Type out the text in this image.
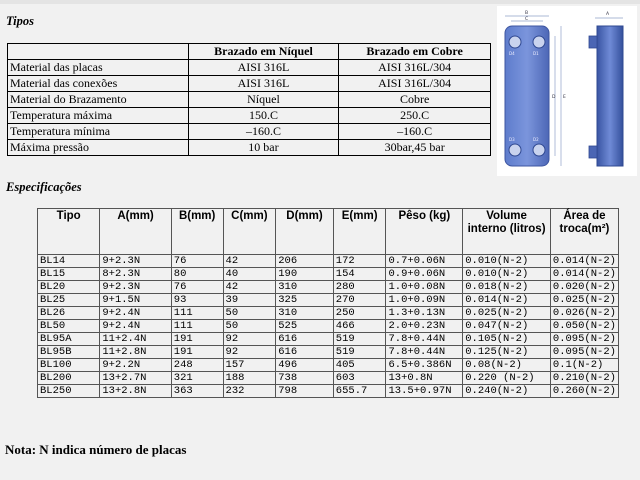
Tipos
	Brazado em Níquel	Brazado em Cobre
Material das placas	AISI 316L	AISI 316L/304
Material das conexões	AISI 316L	AISI 316L/304
Material do Brazamento	Níquel	Cobre
Temperatura máxima	150.C	250.C
Temperatura mínima	–160.C	–160.C
Máxima pressão	10 bar	30bar,45 bar
B
C
D E
D4	D1
D3	D2
A
Especificações
Tipo	A(mm)	B(mm)	C(mm)	D(mm)	E(mm)	Pêso (kg)	Volume interno (litros)	Área de troca(m²)
BL14	9+2.3N	76	42	206	172	0.7+0.06N	0.010(N-2)	0.014(N-2)
BL15	8+2.3N	80	40	190	154	0.9+0.06N	0.010(N-2)	0.014(N-2)
BL20	9+2.3N	76	42	310	280	1.0+0.08N	0.018(N-2)	0.020(N-2)
BL25	9+1.5N	93	39	325	270	1.0+0.09N	0.014(N-2)	0.025(N-2)
BL26	9+2.4N	111	50	310	250	1.3+0.13N	0.025(N-2)	0.026(N-2)
BL50	9+2.4N	111	50	525	466	2.0+0.23N	0.047(N-2)	0.050(N-2)
BL95A	11+2.4N	191	92	616	519	7.8+0.44N	0.105(N-2)	0.095(N-2)
BL95B	11+2.8N	191	92	616	519	7.8+0.44N	0.125(N-2)	0.095(N-2)
BL100	9+2.2N	248	157	496	405	6.5+0.386N	0.08(N-2)	0.1(N-2)
BL200	13+2.7N	321	188	738	603	13+0.8N	0.220 (N-2)	0.210(N-2)
BL250	13+2.8N	363	232	798	655.7	13.5+0.97N	0.240(N-2)	0.260(N-2)
Nota: N indica número de placas
